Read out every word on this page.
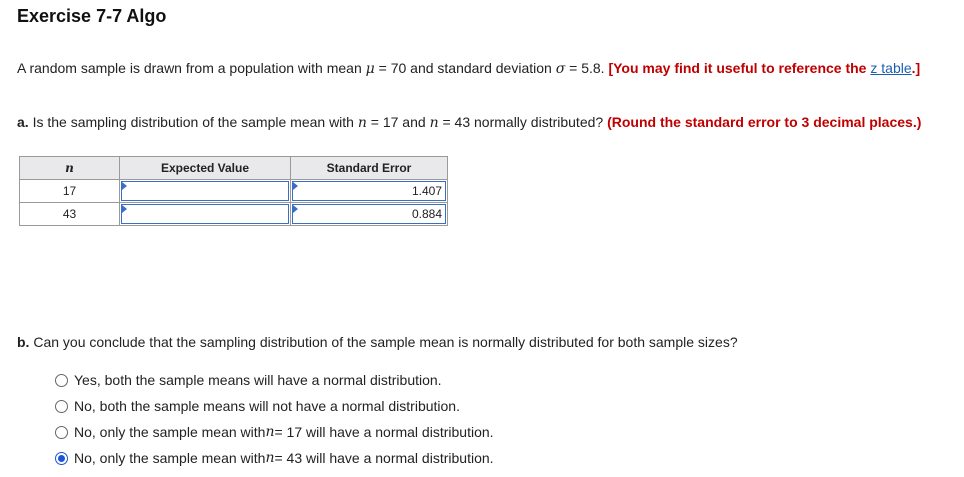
Exercise 7-7 Algo
A random sample is drawn from a population with mean μ = 70 and standard deviation σ = 5.8. [You may find it useful to reference the z table.]
a. Is the sampling distribution of the sample mean with n = 17 and n = 43 normally distributed? (Round the standard error to 3 decimal places.)
n	Expected Value	Standard Error
17		1.407

43		0.884
b. Can you conclude that the sampling distribution of the sample mean is normally distributed for both sample sizes?
Yes, both the sample means will have a normal distribution.
No, both the sample means will not have a normal distribution.
No, only the sample mean with n = 17 will have a normal distribution.
No, only the sample mean with n = 43 will have a normal distribution.
